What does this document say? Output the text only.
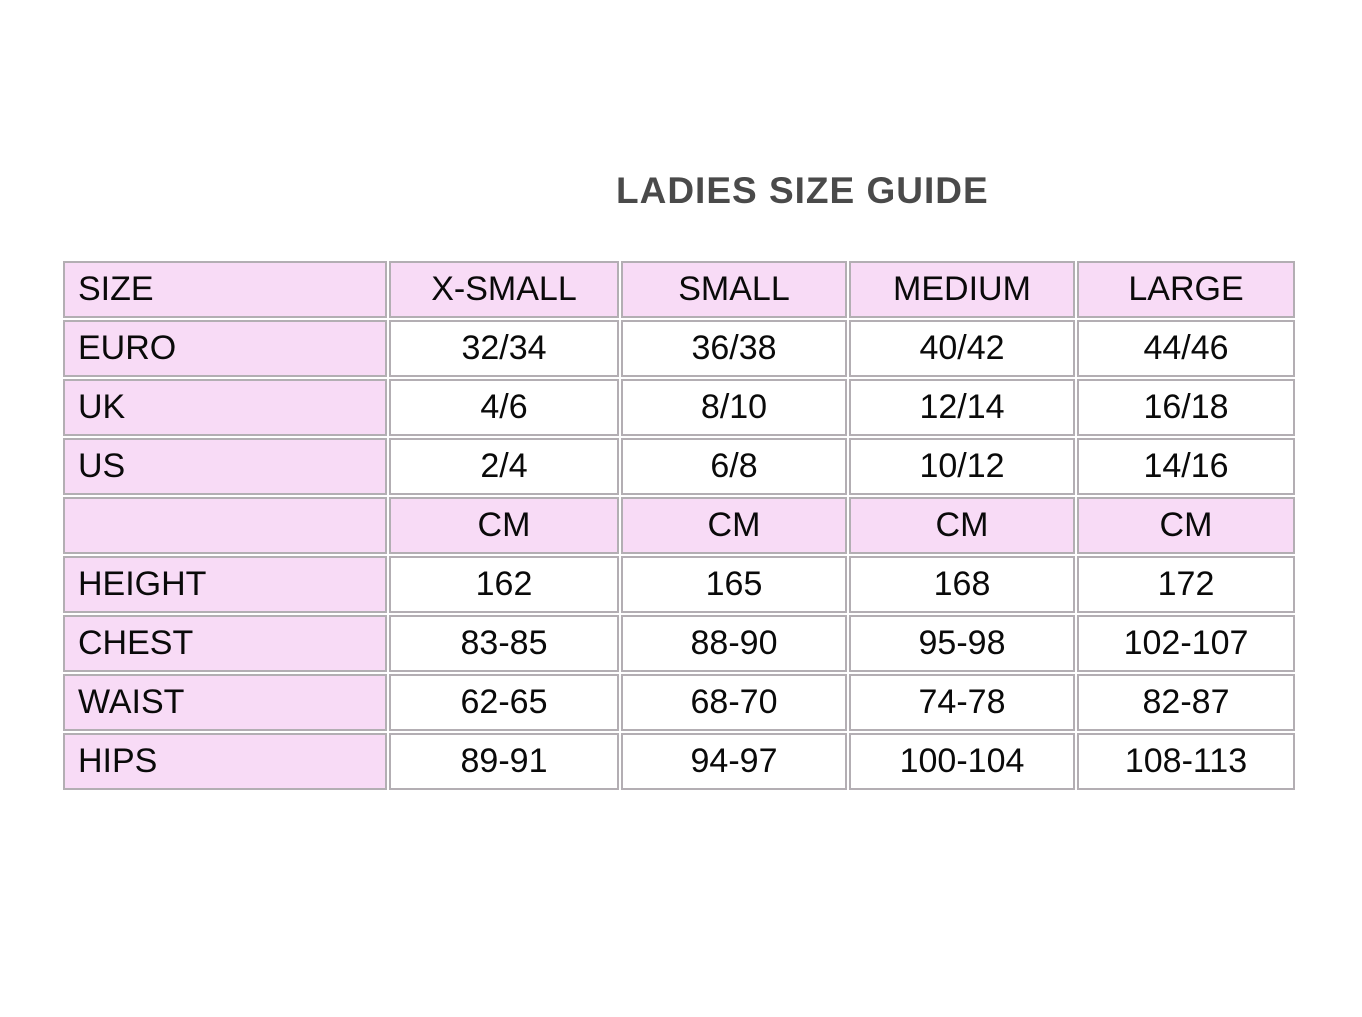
LADIES SIZE GUIDE
SIZE	X-SMALL	SMALL	MEDIUM	LARGE
EURO	32/34	36/38	40/42	44/46
UK	4/6	8/10	12/14	16/18
US	2/4	6/8	10/12	14/16
	CM	CM	CM	CM
HEIGHT	162	165	168	172
CHEST	83-85	88-90	95-98	102-107
WAIST	62-65	68-70	74-78	82-87
HIPS	89-91	94-97	100-104	108-113
